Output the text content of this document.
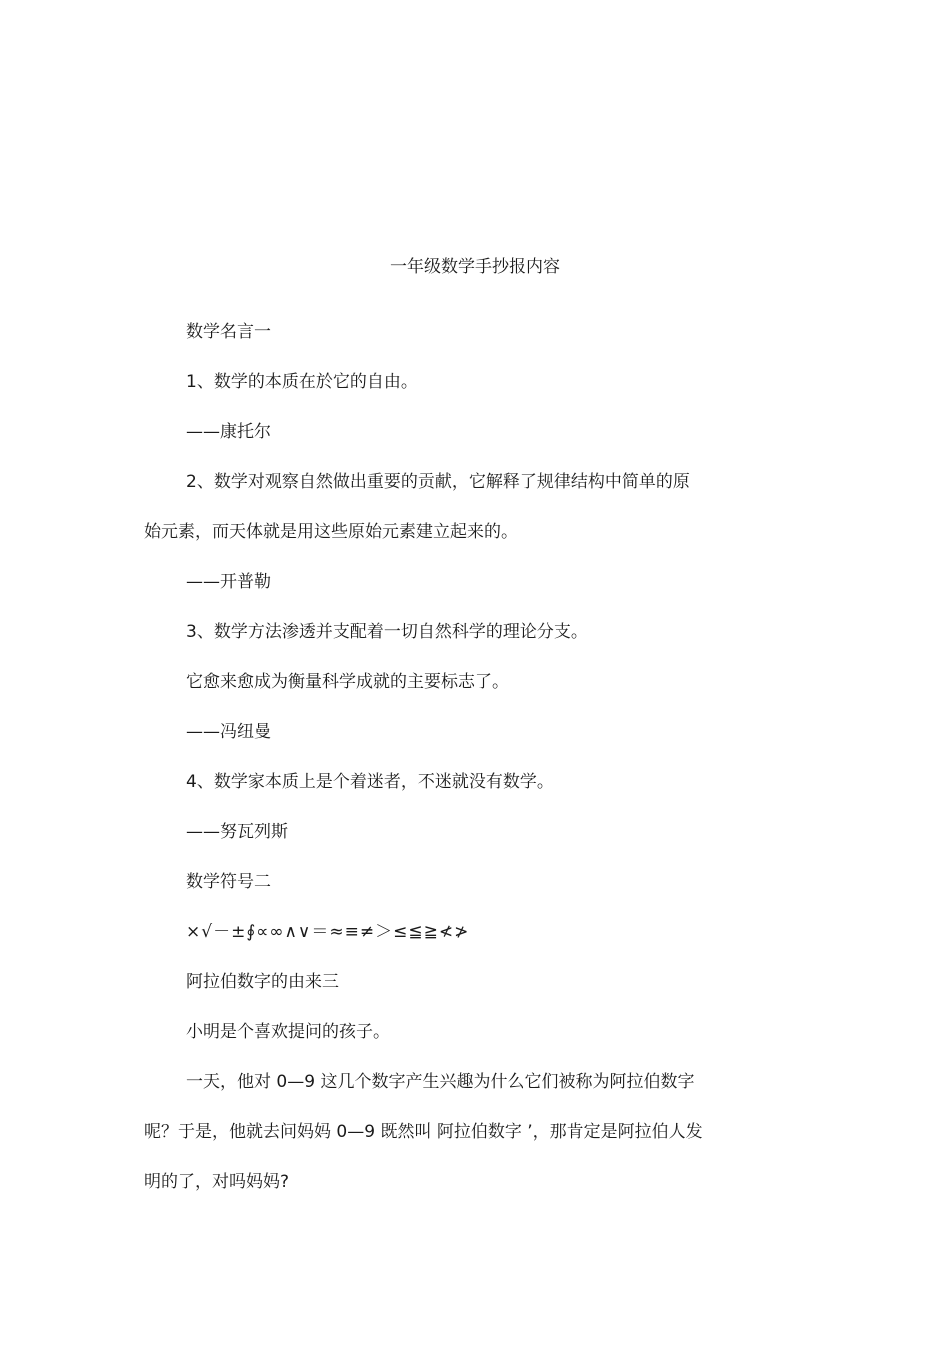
一年级数学手抄报内容
数学名言一
1、数学的本质在於它的自由。
——康托尔
2、数学对观察自然做出重要的贡献，它解释了规律结构中简单的原
始元素，而天体就是用这些原始元素建立起来的。
——开普勒
3、数学方法渗透并支配着一切自然科学的理论分支。
它愈来愈成为衡量科学成就的主要标志了。
——冯纽曼
4、数学家本质上是个着迷者，不迷就没有数学。
——努瓦列斯
数学符号二
×√－±∮∝∞∧∨＝≈≡≠＞≤≦≧≮≯
阿拉伯数字的由来三
小明是个喜欢提问的孩子。
一天，他对 0—9 这几个数字产生兴趣为什么它们被称为阿拉伯数字
呢？于是，他就去问妈妈 0—9 既然叫 阿拉伯数字 ’，那肯定是阿拉伯人发
明的了，对吗妈妈?
